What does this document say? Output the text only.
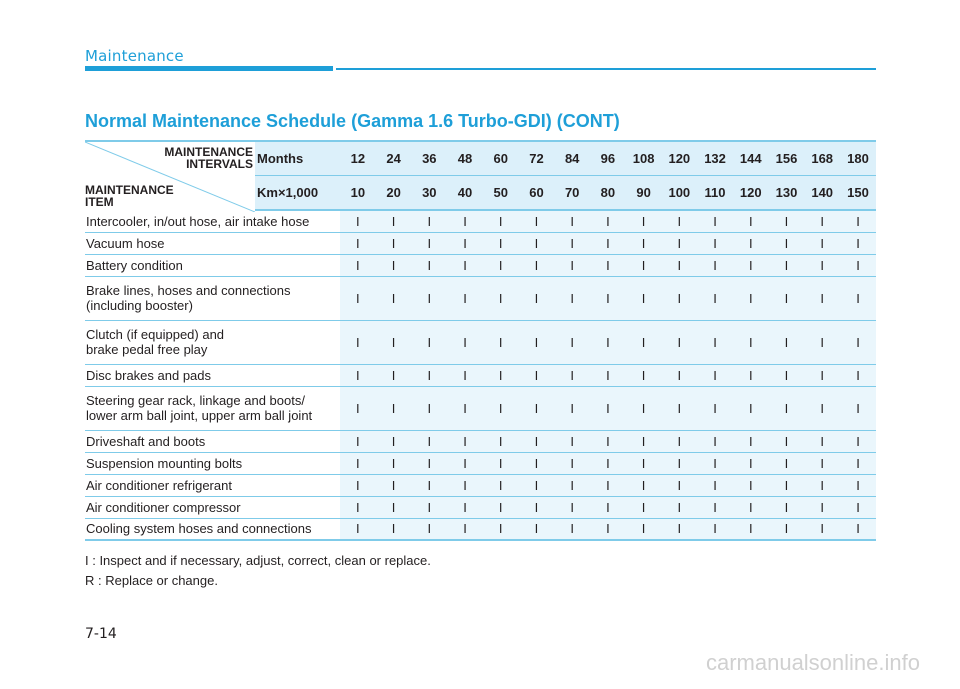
Maintenance
Normal Maintenance Schedule (Gamma 1.6 Turbo-GDI) (CONT)
MAINTENANCE
INTERVALS
MAINTENANCE
ITEM	Months	12	24	36	48	60	72	84	96	108	120	132	144	156	168	180
	Km×1,000	10	20	30	40	50	60	70	80	90	100	110	120	130	140	150

Intercooler, in/out hose, air intake hose		I	I	I	I	I	I	I	I	I	I	I	I	I	I	I

Vacuum hose		I	I	I	I	I	I	I	I	I	I	I	I	I	I	I

Battery condition		I	I	I	I	I	I	I	I	I	I	I	I	I	I	I

Brake lines, hoses and connections
(including booster)		I	I	I	I	I	I	I	I	I	I	I	I	I	I	I

Clutch (if equipped) and
brake pedal free play		I	I	I	I	I	I	I	I	I	I	I	I	I	I	I

Disc brakes and pads		I	I	I	I	I	I	I	I	I	I	I	I	I	I	I

Steering gear rack, linkage and boots/
lower arm ball joint, upper arm ball joint		I	I	I	I	I	I	I	I	I	I	I	I	I	I	I

Driveshaft and boots		I	I	I	I	I	I	I	I	I	I	I	I	I	I	I

Suspension mounting bolts		I	I	I	I	I	I	I	I	I	I	I	I	I	I	I

Air conditioner refrigerant		I	I	I	I	I	I	I	I	I	I	I	I	I	I	I

Air conditioner compressor		I	I	I	I	I	I	I	I	I	I	I	I	I	I	I

Cooling system hoses and connections		I	I	I	I	I	I	I	I	I	I	I	I	I	I	I
I : Inspect and if necessary, adjust, correct, clean or replace.
R : Replace or change.
7-14
carmanualsonline.info
